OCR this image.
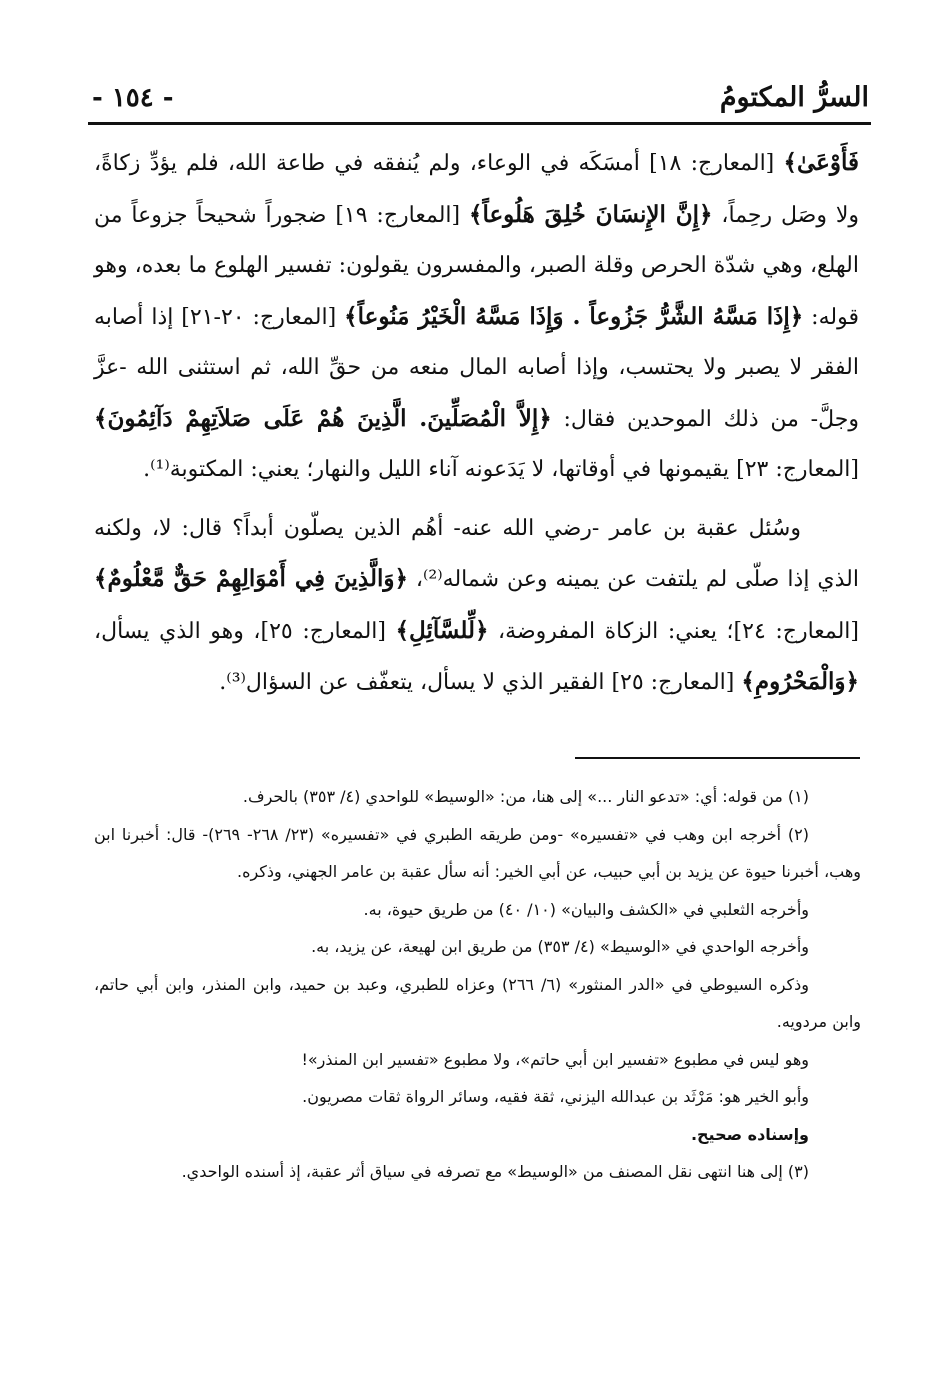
السرُّ المكتومُ
- ١٥٤ -

فَأَوْعَىٰ﴾ [المعارج: ١٨] أمسَكَه في الوعاء، ولم يُنفقه في طاعة الله، فلم يؤدِّ زكاةً، ولا وصَل رحِماً، ﴿إِنَّ الإِنسَانَ خُلِقَ هَلُوعاً﴾ [المعارج: ١٩] ضجوراً شحيحاً جزوعاً من الهلع، وهي شدّة الحرص وقلة الصبر، والمفسرون يقولون: تفسير الهلوع ما بعده، وهو قوله: ﴿إِذَا مَسَّهُ الشَّرُّ جَزُوعاً . وَإِذَا مَسَّهُ الْخَيْرُ مَنُوعاً﴾ [المعارج: ٢٠-٢١] إذا أصابه الفقر لا يصبر ولا يحتسب، وإذا أصابه المال منعه من حقِّ الله، ثم استثنى الله -عزَّ وجلَّ- من ذلك الموحدين فقال: ﴿إِلاَّ الْمُصَلِّينَ. الَّذِينَ هُمْ عَلَى صَلاَتِهِمْ دَآئِمُونَ﴾ [المعارج: ٢٣] يقيمونها في أوقاتها، لا يَدَعونه آناء الليل والنهار؛ يعني: المكتوبة⁽¹⁾.

وسُئل عقبة بن عامر -رضي الله عنه- أهُم الذين يصلّون أبداً؟ قال: لا، ولكنه الذي إذا صلّى لم يلتفت عن يمينه وعن شماله⁽²⁾، ﴿وَالَّذِينَ فِي أَمْوَالِهِمْ حَقٌّ مَّعْلُومٌ﴾ [المعارج: ٢٤]؛ يعني: الزكاة المفروضة، ﴿لِّلسَّآئِلِ﴾ [المعارج: ٢٥]، وهو الذي يسأل، ﴿وَالْمَحْرُومِ﴾ [المعارج: ٢٥] الفقير الذي لا يسأل، يتعفّف عن السؤال⁽³⁾.

(١) من قوله: أي: «تدعو النار ...» إلى هنا، من: «الوسيط» للواحدي (٤/ ٣٥٣) بالحرف.

(٢) أخرجه ابن وهب في «تفسيره» -ومن طريقه الطبري في «تفسيره» (٢٣/ ٢٦٨- ٢٦٩)- قال: أخبرنا ابن وهب، أخبرنا حيوة عن يزيد بن أبي حبيب، عن أبي الخير: أنه سأل عقبة بن عامر الجهني، وذكره.

وأخرجه الثعلبي في «الكشف والبيان» (١٠/ ٤٠) من طريق حيوة، به.

وأخرجه الواحدي في «الوسيط» (٤/ ٣٥٣) من طريق ابن لهيعة، عن يزيد، به.

وذكره السيوطي في «الدر المنثور» (٦/ ٢٦٦) وعزاه للطبري، وعبد بن حميد، وابن المنذر، وابن أبي حاتم، وابن مردويه.

وهو ليس في مطبوع «تفسير ابن أبي حاتم»، ولا مطبوع «تفسير ابن المنذر»!

وأبو الخير هو: مَرْثَد بن عبدالله اليزني، ثقة فقيه، وسائر الرواة ثقات مصريون.

وإسناده صحيح.

(٣) إلى هنا انتهى نقل المصنف من «الوسيط» مع تصرفه في سياق أثر عقبة، إذ أسنده الواحدي.
